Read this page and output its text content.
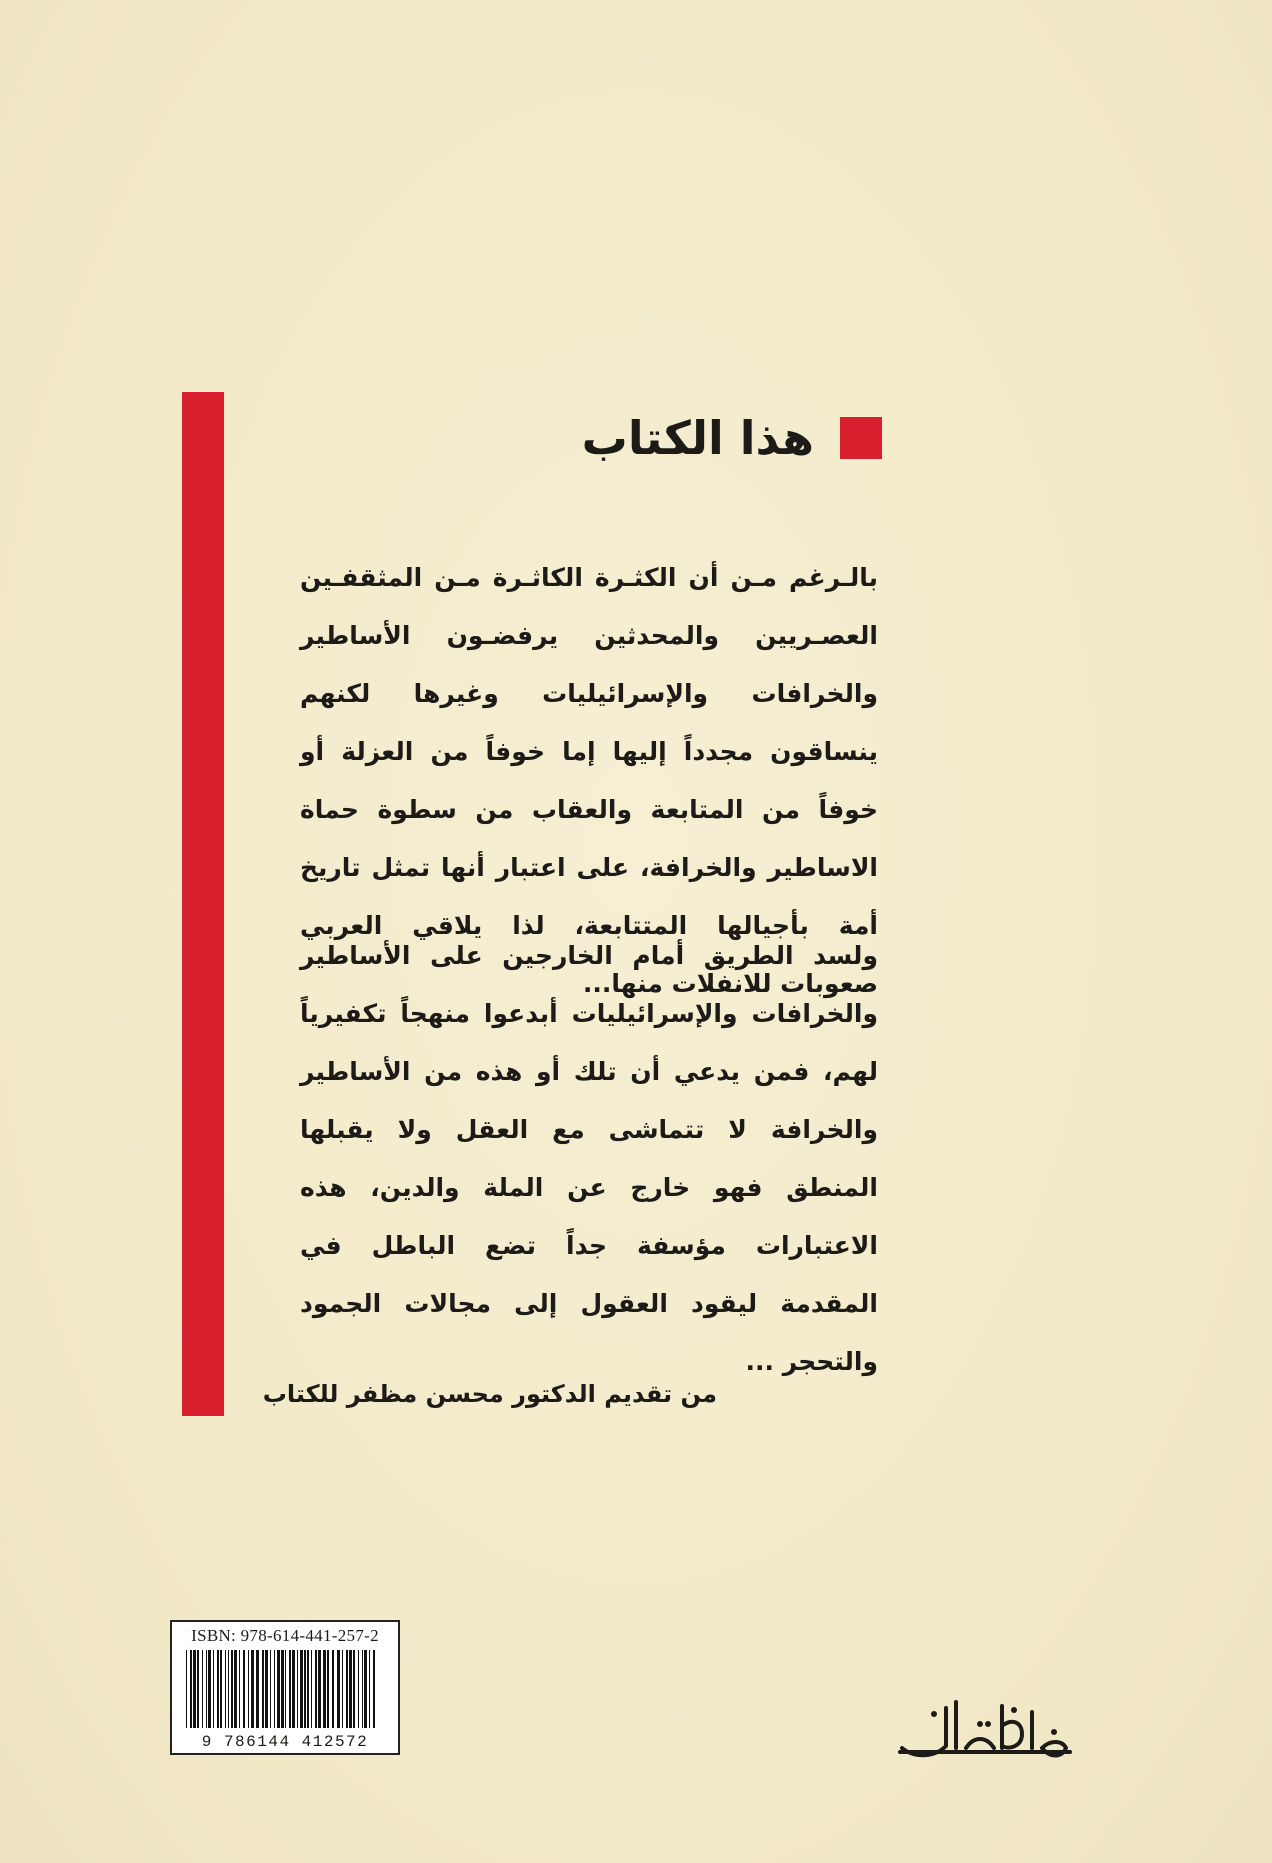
هذا الكتاب

بالـرغم مـن أن الكثـرة الكاثـرة مـن المثقفـين العصـريين والمحدثين يرفضـون الأساطير والخرافات والإسرائيليات وغيرها لكنهم ينساقون مجدداً إليها إما خوفاً من العزلة أو خوفاً من المتابعة والعقاب من سطوة حماة الاساطير والخرافة، على اعتبار أنها تمثل تاريخ أمة بأجيالها المتتابعة، لذا يلاقي العربي صعوبات للانفلات منها...

ولسد الطريق أمام الخارجين على الأساطير والخرافات والإسرائيليات أبدعوا منهجاً تكفيرياً لهم، فمن يدعي أن تلك أو هذه من الأساطير والخرافة لا تتماشى مع العقل ولا يقبلها المنطق فهو خارج عن الملة والدين، هذه الاعتبارات مؤسفة جداً تضع الباطل في المقدمة ليقود العقول إلى مجالات الجمود والتحجر ...

من تقديم الدكتور محسن مظفر للكتاب
ISBN: 978-614-441-257-2
9 786144 412572
